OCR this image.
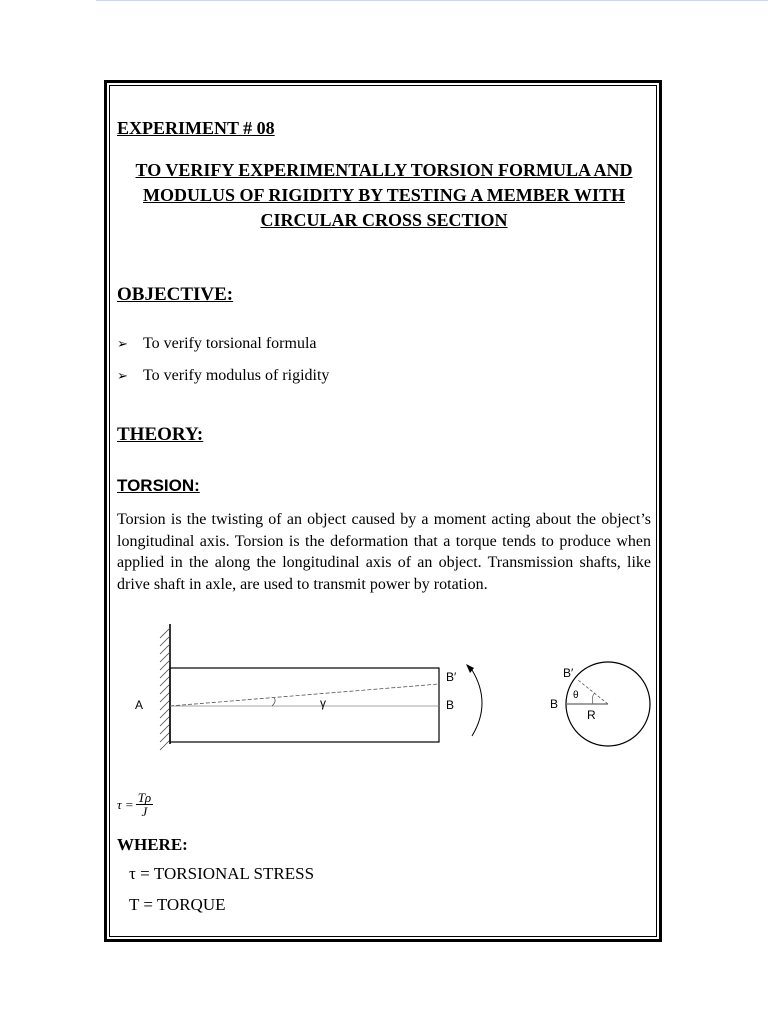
EXPERIMENT # 08
TO VERIFY EXPERIMENTALLY TORSION FORMULA AND MODULUS OF RIGIDITY BY TESTING A MEMBER WITH CIRCULAR CROSS SECTION
OBJECTIVE:
➢ To verify torsional formula
➢ To verify modulus of rigidity
THEORY:
TORSION:

Torsion is the twisting of an object caused by a moment acting about the object’s longitudinal axis. Torsion is the deformation that a torque tends to produce when applied in the along the longitudinal axis of an object. Transmission shafts, like drive shaft in axle, are used to transmit power by rotation.

A
B′
γ	B
B′
B
θ
R
$\tau = \frac{T\rho}{J}$
WHERE:
τ = TORSIONAL STRESS
T = TORQUE
